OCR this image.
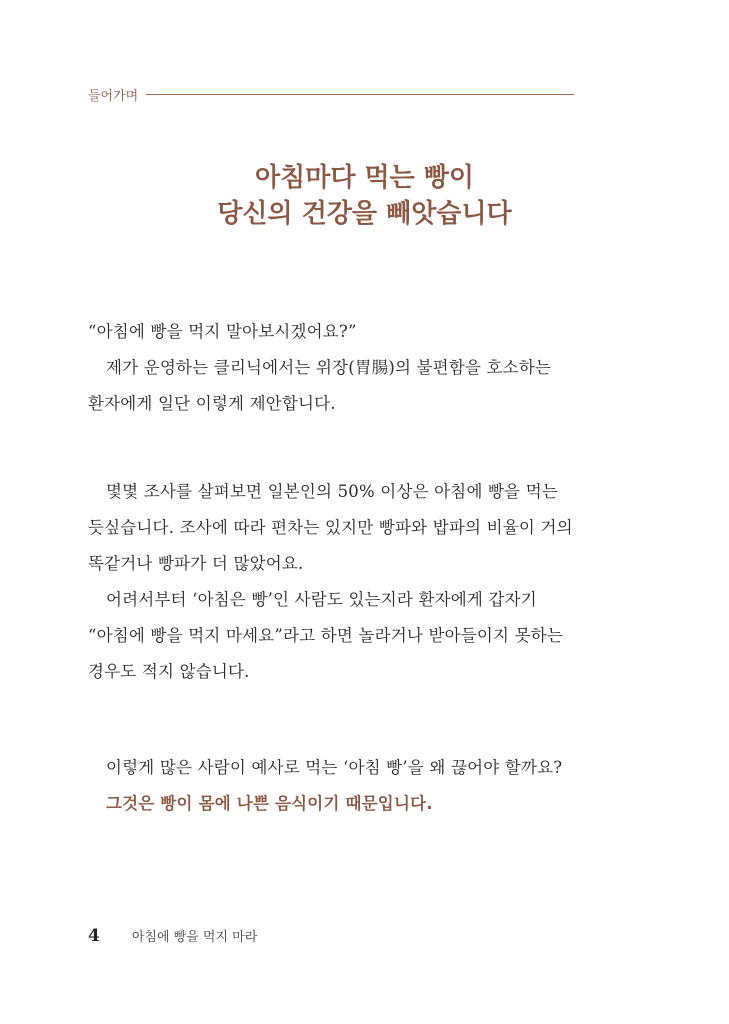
들어가며
아침마다 먹는 빵이
당신의 건강을 빼앗습니다

“아침에 빵을 먹지 말아보시겠어요?”

제가 운영하는 클리닉에서는 위장(胃腸)의 불편함을 호소하는 환자에게 일단 이렇게 제안합니다.

몇몇 조사를 살펴보면 일본인의 50% 이상은 아침에 빵을 먹는 듯싶습니다. 조사에 따라 편차는 있지만 빵파와 밥파의 비율이 거의 똑같거나 빵파가 더 많았어요.

어려서부터 ‘아침은 빵’인 사람도 있는지라 환자에게 갑자기 “아침에 빵을 먹지 마세요”라고 하면 놀라거나 받아들이지 못하는 경우도 적지 않습니다.

이렇게 많은 사람이 예사로 먹는 ‘아침 빵’을 왜 끊어야 할까요?

그것은 빵이 몸에 나쁜 음식이기 때문입니다.

4 아침에 빵을 먹지 마라
